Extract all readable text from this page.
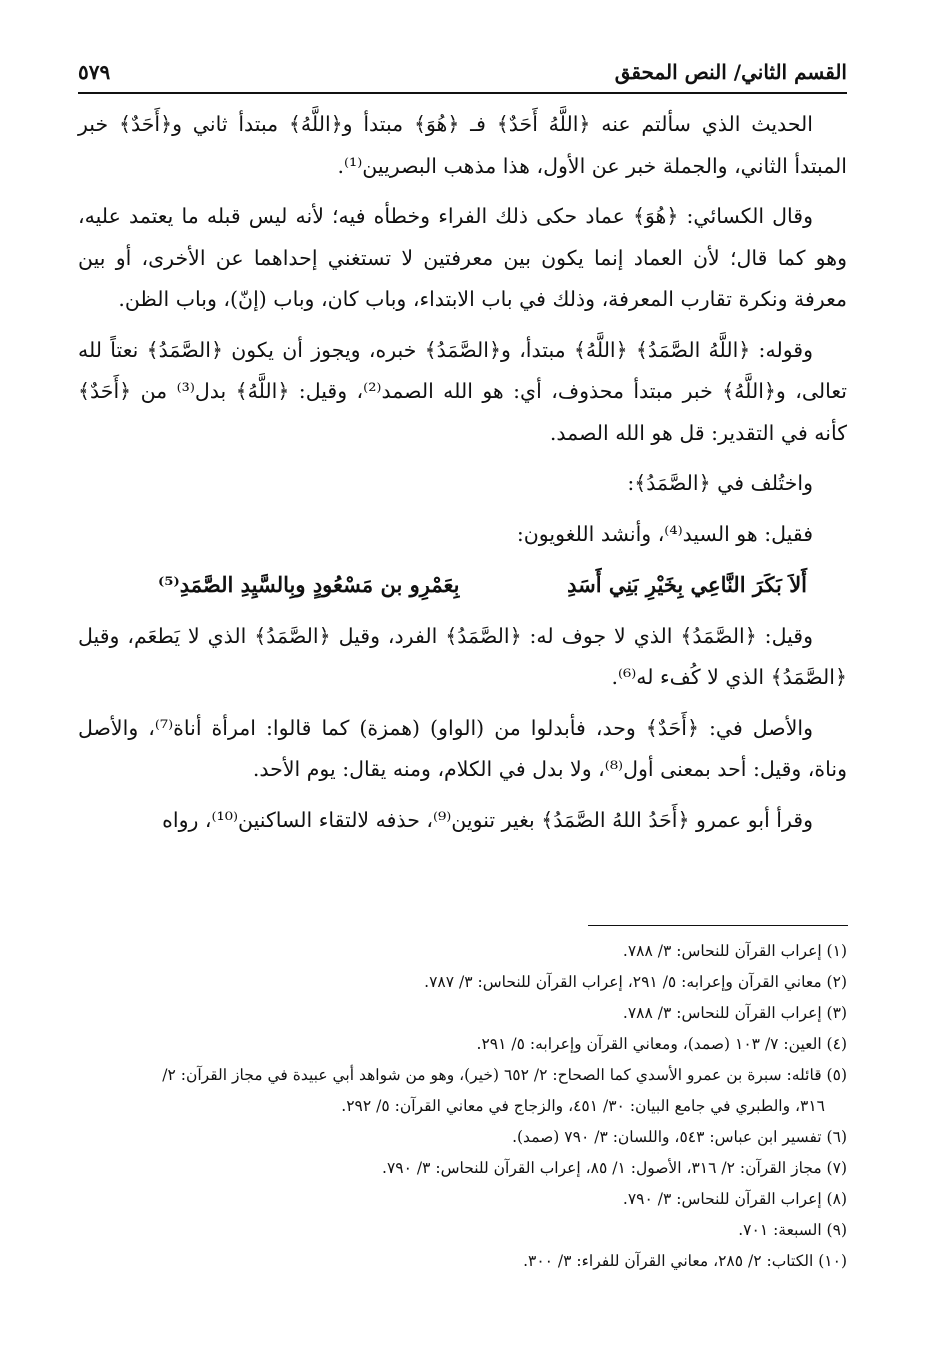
القسم الثاني/ النص المحقق
٥٧٩

الحديث الذي سألتم عنه ﴿اللَّهُ أَحَدٌ﴾ فـ ﴿هُوَ﴾ مبتدأ و﴿اللَّهُ﴾ مبتدأ ثاني و﴿أَحَدٌ﴾ خبر المبتدأ الثاني، والجملة خبر عن الأول، هذا مذهب البصريين⁽¹⁾.

وقال الكسائي: ﴿هُوَ﴾ عماد حكى ذلك الفراء وخطأه فيه؛ لأنه ليس قبله ما يعتمد عليه، وهو كما قال؛ لأن العماد إنما يكون بين معرفتين لا تستغني إحداهما عن الأخرى، أو بين معرفة ونكرة تقارب المعرفة، وذلك في باب الابتداء، وباب كان، وباب (إنّ)، وباب الظن.

وقوله: ﴿اللَّهُ الصَّمَدُ﴾ ﴿اللَّهُ﴾ مبتدأ، و﴿الصَّمَدُ﴾ خبره، ويجوز أن يكون ﴿الصَّمَدُ﴾ نعتاً لله تعالى، و﴿اللَّهُ﴾ خبر مبتدأ محذوف، أي: هو الله الصمد⁽²⁾، وقيل: ﴿اللَّهُ﴾ بدل⁽³⁾ من ﴿أَحَدٌ﴾ كأنه في التقدير: قل هو الله الصمد.

واختُلف في ﴿الصَّمَدُ﴾:

فقيل: هو السيد⁽⁴⁾، وأنشد اللغويون:

أَلاَ بَكَرَ النَّاعِي بِخَيْرِ بَنِي أَسَدِ
بِعَمْرِو بن مَسْعُودٍ وبِالسَّيِدِ الصَّمَدِ⁽⁵⁾

وقيل: ﴿الصَّمَدُ﴾ الذي لا جوف له: ﴿الصَّمَدُ﴾ الفرد، وقيل ﴿الصَّمَدُ﴾ الذي لا يَطعَم، وقيل ﴿الصَّمَدُ﴾ الذي لا كُفء له⁽⁶⁾.

والأصل في: ﴿أَحَدٌ﴾ وحد، فأبدلوا من (الواو) (همزة) كما قالوا: امرأة أناة⁽⁷⁾، والأصل وناة، وقيل: أحد بمعنى أول⁽⁸⁾، ولا بدل في الكلام، ومنه يقال: يوم الأحد.

وقرأ أبو عمرو ﴿أَحَدُ اللهُ الصَّمَدُ﴾ بغير تنوين⁽⁹⁾، حذفه لالتقاء الساكنين⁽¹⁰⁾، رواه

(١) إعراب القرآن للنحاس: ٣/ ٧٨٨.

(٢) معاني القرآن وإعرابه: ٥/ ٢٩١، إعراب القرآن للنحاس: ٣/ ٧٨٧.

(٣) إعراب القرآن للنحاس: ٣/ ٧٨٨.

(٤) العين: ٧/ ١٠٣ (صمد)، ومعاني القرآن وإعرابه: ٥/ ٢٩١.

(٥) قائله: سبرة بن عمرو الأسدي كما الصحاح: ٢/ ٦٥٢ (خير)، وهو من شواهد أبي عبيدة في مجاز القرآن: ٢/

٣١٦، والطبري في جامع البيان: ٣٠/ ٤٥١، والزجاج في معاني القرآن: ٥/ ٢٩٢.

(٦) تفسير ابن عباس: ٥٤٣، واللسان: ٣/ ٧٩٠ (صمد).

(٧) مجاز القرآن: ٢/ ٣١٦، الأصول: ١/ ٨٥، إعراب القرآن للنحاس: ٣/ ٧٩٠.

(٨) إعراب القرآن للنحاس: ٣/ ٧٩٠.

(٩) السبعة: ٧٠١.

(١٠) الكتاب: ٢/ ٢٨٥، معاني القرآن للفراء: ٣/ ٣٠٠.
